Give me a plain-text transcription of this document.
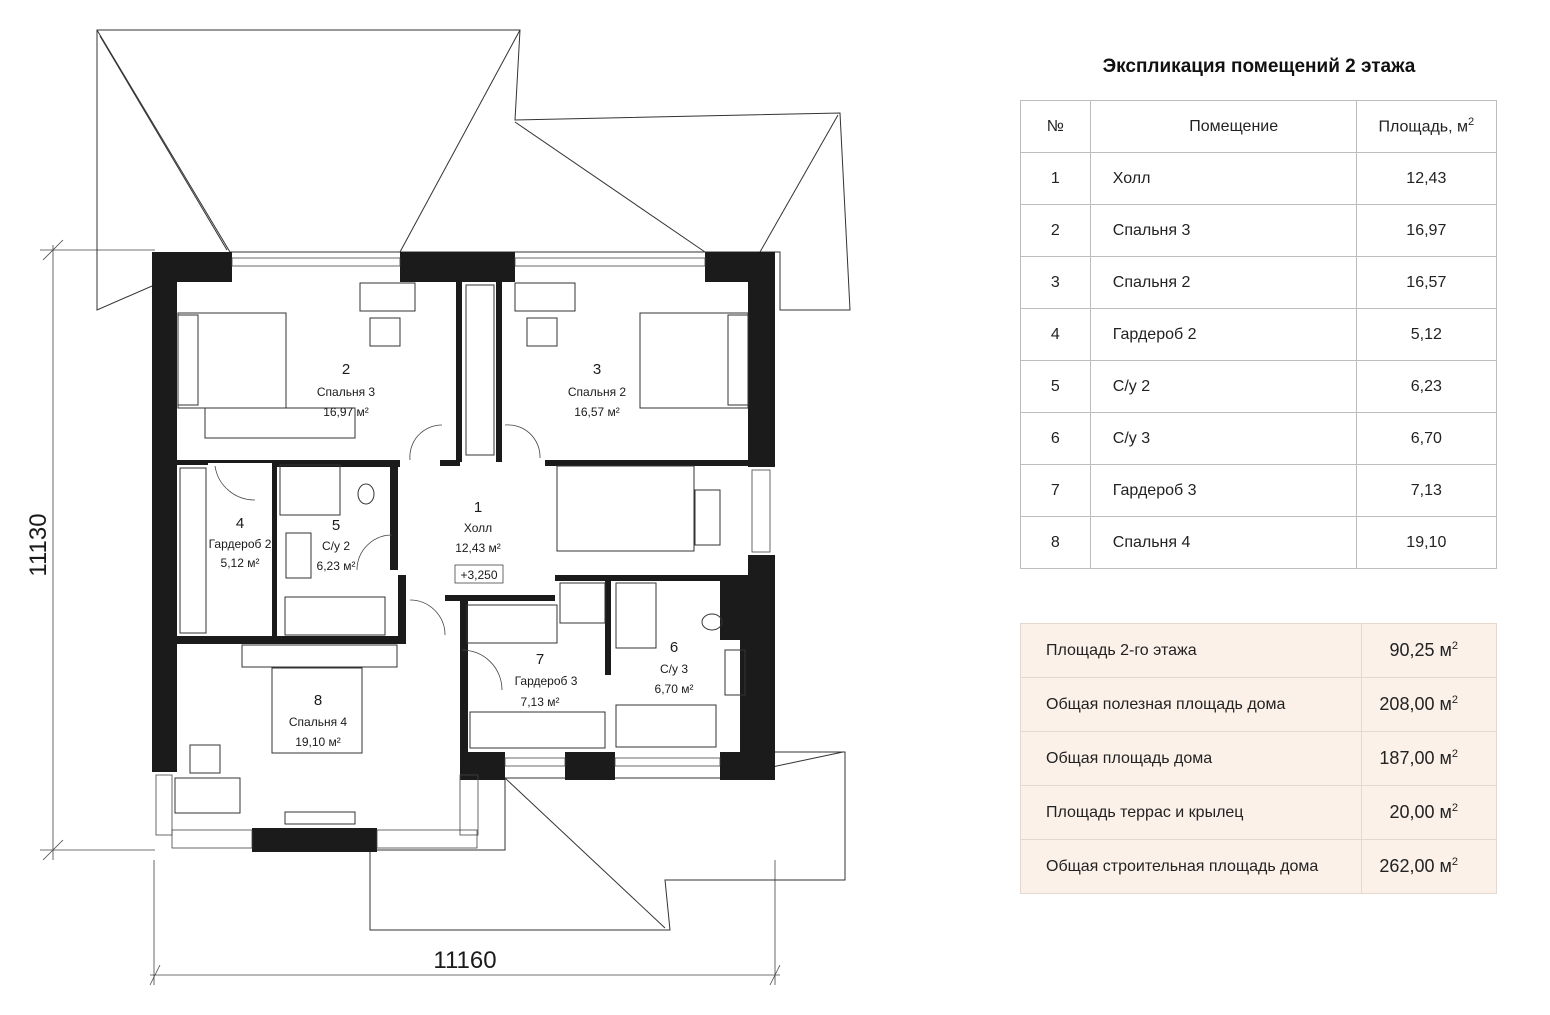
11160
11130
1
Холл
12,43 м²
+3,250
2
Спальня 3
16,97 м²
3
Спальня 2
16,57 м²
4
Гардероб 2
5,12 м²
5
С/у 2
6,23 м²
6
С/у 3
6,70 м²
7
Гардероб 3
7,13 м²
8
Спальня 4
19,10 м²
Экспликация помещений 2 этажа
№	Помещение	Площадь, $м^2$
1	Холл	12,43
2	Спальня 3	16,97
3	Спальня 2	16,57
4	Гардероб 2	5,12
5	С/у 2	6,23
6	С/у 3	6,70
7	Гардероб 3	7,13
8	Спальня 4	19,10
Площадь 2-го этажа	90,25 $м^2$
Общая полезная площадь дома	208,00 $м^2$
Общая площадь дома	187,00 $м^2$
Площадь террас и крылец	20,00 $м^2$
Общая строительная площадь дома	262,00 $м^2$
